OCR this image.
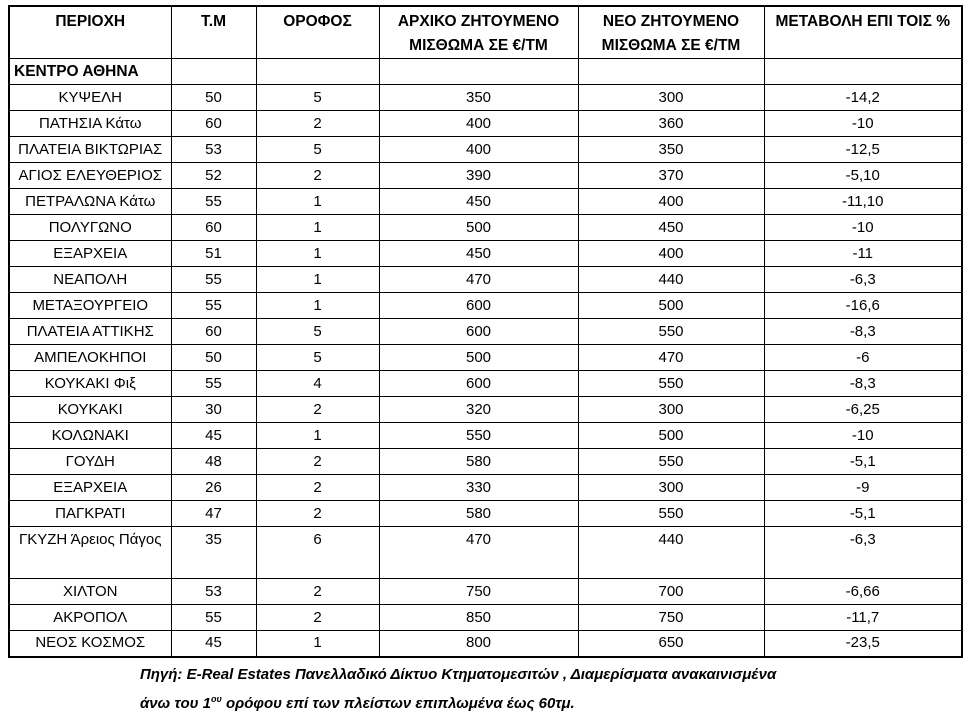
ΠΕΡΙΟΧΗ	Τ.Μ	ΟΡΟΦΟΣ	ΑΡΧΙΚΟ ΖΗΤΟΥΜΕΝΟ ΜΙΣΘΩΜΑ ΣΕ €/ΤΜ	ΝΕΟ ΖΗΤΟΥΜΕΝΟ ΜΙΣΘΩΜΑ ΣΕ €/ΤΜ	ΜΕΤΑΒΟΛΗ ΕΠΙ ΤΟΙΣ %
ΚΕΝΤΡΟ ΑΘΗΝΑ					
ΚΥΨΕΛΗ	50	5	350	300	-14,2
ΠΑΤΗΣΙΑ Κάτω	60	2	400	360	-10
ΠΛΑΤΕΙΑ ΒΙΚΤΩΡΙΑΣ	53	5	400	350	-12,5
ΑΓΙΟΣ ΕΛΕΥΘΕΡΙΟΣ	52	2	390	370	-5,10
ΠΕΤΡΑΛΩΝΑ Κάτω	55	1	450	400	-11,10
ΠΟΛΥΓΩΝΟ	60	1	500	450	-10
ΕΞΑΡΧΕΙΑ	51	1	450	400	-11
ΝΕΑΠΟΛΗ	55	1	470	440	-6,3
ΜΕΤΑΞΟΥΡΓΕΙΟ	55	1	600	500	-16,6
ΠΛΑΤΕΙΑ ΑΤΤΙΚΗΣ	60	5	600	550	-8,3
ΑΜΠΕΛΟΚΗΠΟΙ	50	5	500	470	-6
ΚΟΥΚΑΚΙ Φιξ	55	4	600	550	-8,3
ΚΟΥΚΑΚΙ	30	2	320	300	-6,25
ΚΟΛΩΝΑΚΙ	45	1	550	500	-10
ΓΟΥΔΗ	48	2	580	550	-5,1
ΕΞΑΡΧΕΙΑ	26	2	330	300	-9
ΠΑΓΚΡΑΤΙ	47	2	580	550	-5,1
ΓΚΥΖΗ Άρειος Πάγος	35	6	470	440	-6,3
ΧΙΛΤΟΝ	53	2	750	700	-6,66
ΑΚΡΟΠΟΛ	55	2	850	750	-11,7
ΝΕΟΣ ΚΟΣΜΟΣ	45	1	800	650	-23,5
Πηγή: E-Real Estates Πανελλαδικό Δίκτυο Κτηματομεσιτών , Διαμερίσματα ανακαινισμένα
άνω του $1^{o\upsilon}$ ορόφου επί των πλείστων επιπλωμένα έως 60τμ.
